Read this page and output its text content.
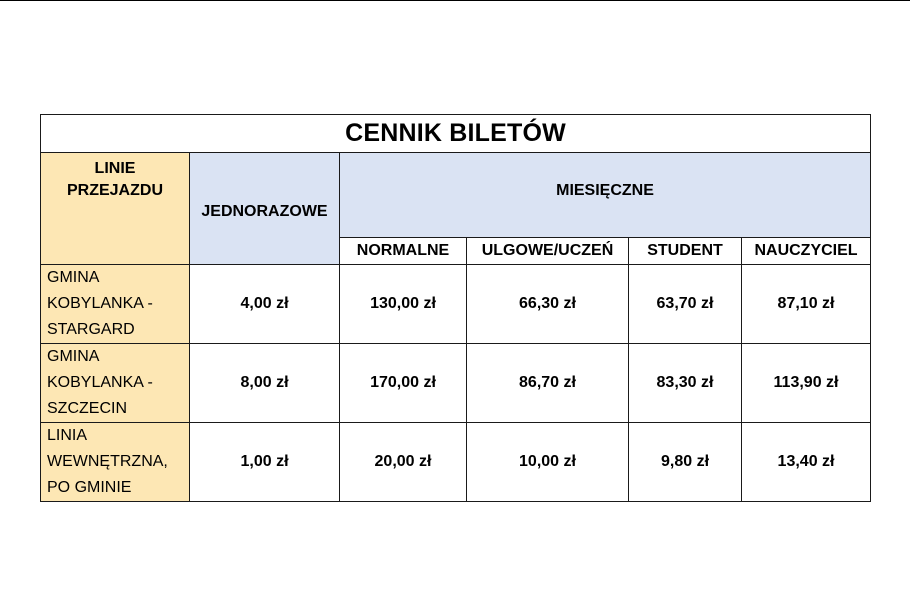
CENNIK BILETÓW					

LINIE
PRZEJAZDU	JEDNORAZOWE	MIESIĘCZNE			
		NORMALNE	ULGOWE/UCZEŃ	STUDENT	NAUCZYCIEL

GMINA
KOBYLANKA -
STARGARD	4,00 zł	130,00 zł	66,30 zł	63,70 zł	87,10 zł

GMINA
KOBYLANKA -
SZCZECIN	8,00 zł	170,00 zł	86,70 zł	83,30 zł	113,90 zł

LINIA
WEWNĘTRZNA,
PO GMINIE	1,00 zł	20,00 zł	10,00 zł	9,80 zł	13,40 zł
